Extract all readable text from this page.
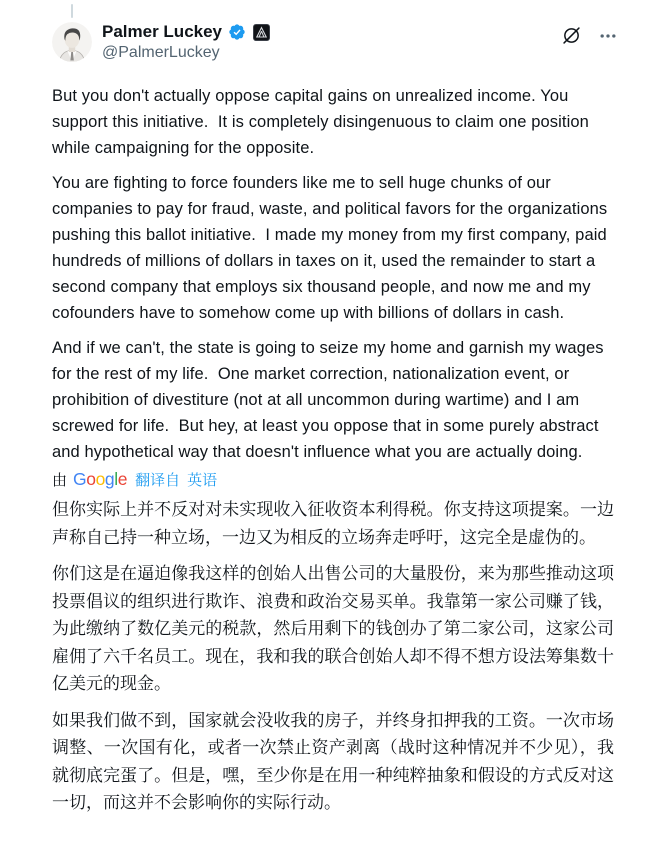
Palmer Luckey
@PalmerLuckey

But you don't actually oppose capital gains on unrealized income. You support this initiative.  It is completely disingenuous to claim one position while campaigning for the opposite.

You are fighting to force founders like me to sell huge chunks of our companies to pay for fraud, waste, and political favors for the organizations pushing this ballot initiative.  I made my money from my first company, paid hundreds of millions of dollars in taxes on it, used the remainder to start a second company that employs six thousand people, and now me and my cofounders have to somehow come up with billions of dollars in cash.

And if we can't, the state is going to seize my home and garnish my wages for the rest of my life.  One market correction, nationalization event, or prohibition of divestiture (not at all uncommon during wartime) and I am screwed for life.  But hey, at least you oppose that in some purely abstract and hypothetical way that doesn't influence what you are actually doing.

由 Google 翻译自 英语

但你实际上并不反对对未实现收入征收资本利得税。你支持这项提案。一边声称自己持一种立场，一边又为相反的立场奔走呼吁，这完全是虚伪的。

你们这是在逼迫像我这样的创始人出售公司的大量股份，来为那些推动这项投票倡议的组织进行欺诈、浪费和政治交易买单。我靠第一家公司赚了钱，为此缴纳了数亿美元的税款，然后用剩下的钱创办了第二家公司，这家公司雇佣了六千名员工。现在，我和我的联合创始人却不得不想方设法筹集数十亿美元的现金。

如果我们做不到，国家就会没收我的房子，并终身扣押我的工资。一次市场调整、一次国有化，或者一次禁止资产剥离（战时这种情况并不少见），我就彻底完蛋了。但是，嘿，至少你是在用一种纯粹抽象和假设的方式反对这一切，而这并不会影响你的实际行动。
